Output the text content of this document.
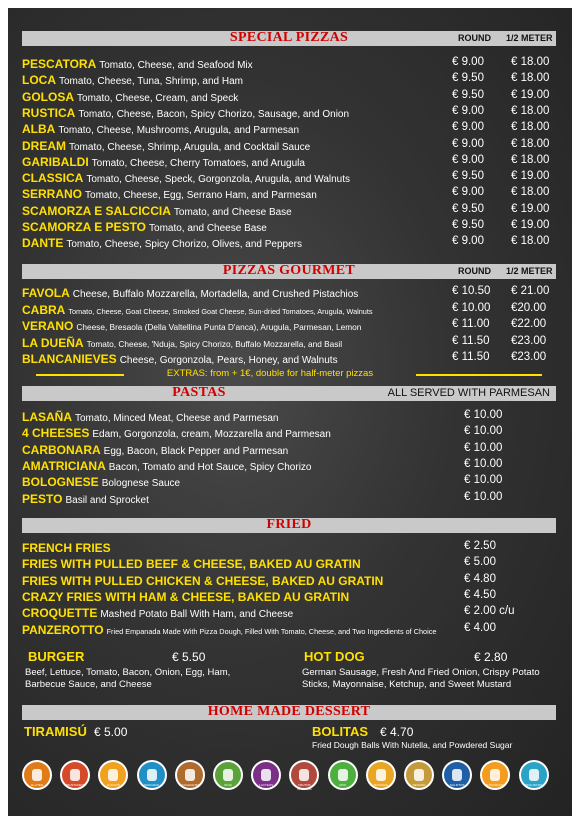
SPECIAL PIZZAS	ROUND 1/2 METER
PESCATORA Tomato, Cheese, and Seafood Mix	€ 9.00 € 18.00
LOCA Tomato, Cheese, Tuna, Shrimp, and Ham	€ 9.50 € 18.00
GOLOSA Tomato, Cheese, Cream, and Speck	€ 9.50 € 19.00
RUSTICA Tomato, Cheese, Bacon, Spicy Chorizo, Sausage, and Onion	€ 9.00 € 18.00
ALBA Tomato, Cheese, Mushrooms, Arugula, and Parmesan	€ 9.00 € 18.00
DREAM Tomato, Cheese, Shrimp, Arugula, and Cocktail Sauce	€ 9.00 € 18.00
GARIBALDI Tomato, Cheese, Cherry Tomatoes, and Arugula	€ 9.00 € 18.00
CLASSICA Tomato, Cheese, Speck, Gorgonzola, Arugula, and Walnuts	€ 9.50 € 19.00
SERRANO Tomato, Cheese, Egg, Serrano Ham, and Parmesan	€ 9.00 € 18.00
SCAMORZA E SALCICCIA Tomato, and Cheese Base	€ 9.50 € 19.00
SCAMORZA E PESTO Tomato, and Cheese Base	€ 9.50 € 19.00
DANTE Tomato, Cheese, Spicy Chorizo, Olives, and Peppers	€ 9.00 € 18.00
PIZZAS GOURMET	ROUND 1/2 METER
FAVOLA Cheese, Buffalo Mozzarella, Mortadella, and Crushed Pistachios	€ 10.50 € 21.00
CABRA Tomato, Cheese, Goat Cheese, Smoked Goat Cheese, Sun-dried Tomatoes, Arugula, Walnuts	€ 10.00 €20.00
VERANO Cheese, Bresaola (Della Valtellina Punta D'anca), Arugula, Parmesan, Lemon	€ 11.00 €22.00
LA DUEÑA Tomato, Cheese, 'Nduja, Spicy Chorizo, Buffalo Mozzarella, and Basil	€ 11.50 €23.00
BLANCANIEVES Cheese, Gorgonzola, Pears, Honey, and Walnuts	€ 11.50 €23.00
EXTRAS: from + 1€, double for half-meter pizzas
PASTAS	ALL SERVED WITH PARMESAN
LASAÑA Tomato, Minced Meat, Cheese and Parmesan	€ 10.00
4 CHEESES Edam, Gorgonzola, cream, Mozzarella and Parmesan	€ 10.00
CARBONARA Egg, Bacon, Black Pepper and Parmesan	€ 10.00
AMATRICIANA Bacon, Tomato and Hot Sauce, Spicy Chorizo	€ 10.00
BOLOGNESE Bolognese Sauce	€ 10.00
PESTO Basil and Sprocket	€ 10.00
FRIED
FRENCH FRIES	€ 2.50
FRIES WITH PULLED BEEF & CHEESE, BAKED AU GRATIN	€ 5.00
FRIES WITH PULLED CHICKEN & CHEESE, BAKED AU GRATIN	€ 4.80
CRAZY FRIES WITH HAM & CHEESE, BAKED AU GRATIN	€ 4.50
CROQUETTE Mashed Potato Ball With Ham, and Cheese	€ 2.00 c/u
PANZEROTTO Fried Empanada Made With Pizza Dough, Filled With Tomato, Cheese, and Two Ingredients of Choice € 4.00
BURGER	€ 5.50
Beef, Lettuce, Tomato, Bacon, Onion, Egg, Ham,
Barbecue Sauce, and Cheese
HOT DOG	€ 2.80
German Sausage, Fresh And Fried Onion, Crispy Potato
Sticks, Mayonnaise, Ketchup, and Sweet Mustard
HOME MADE DESSERT
TIRAMISÚ € 5.00	BOLITAS € 4.70
Fried Dough Balls With Nutella, and Powdered Sugar
GLUTEN	CRUSTACEOS	HUEVOS	PESCADO	CACAHUETES	SOJA	LACTEOS	FRUTOS CASCARA
APIO	MOSTAZA	SESAMO	SULFITOS	ALTRAMUCES	MOLUSCOS
